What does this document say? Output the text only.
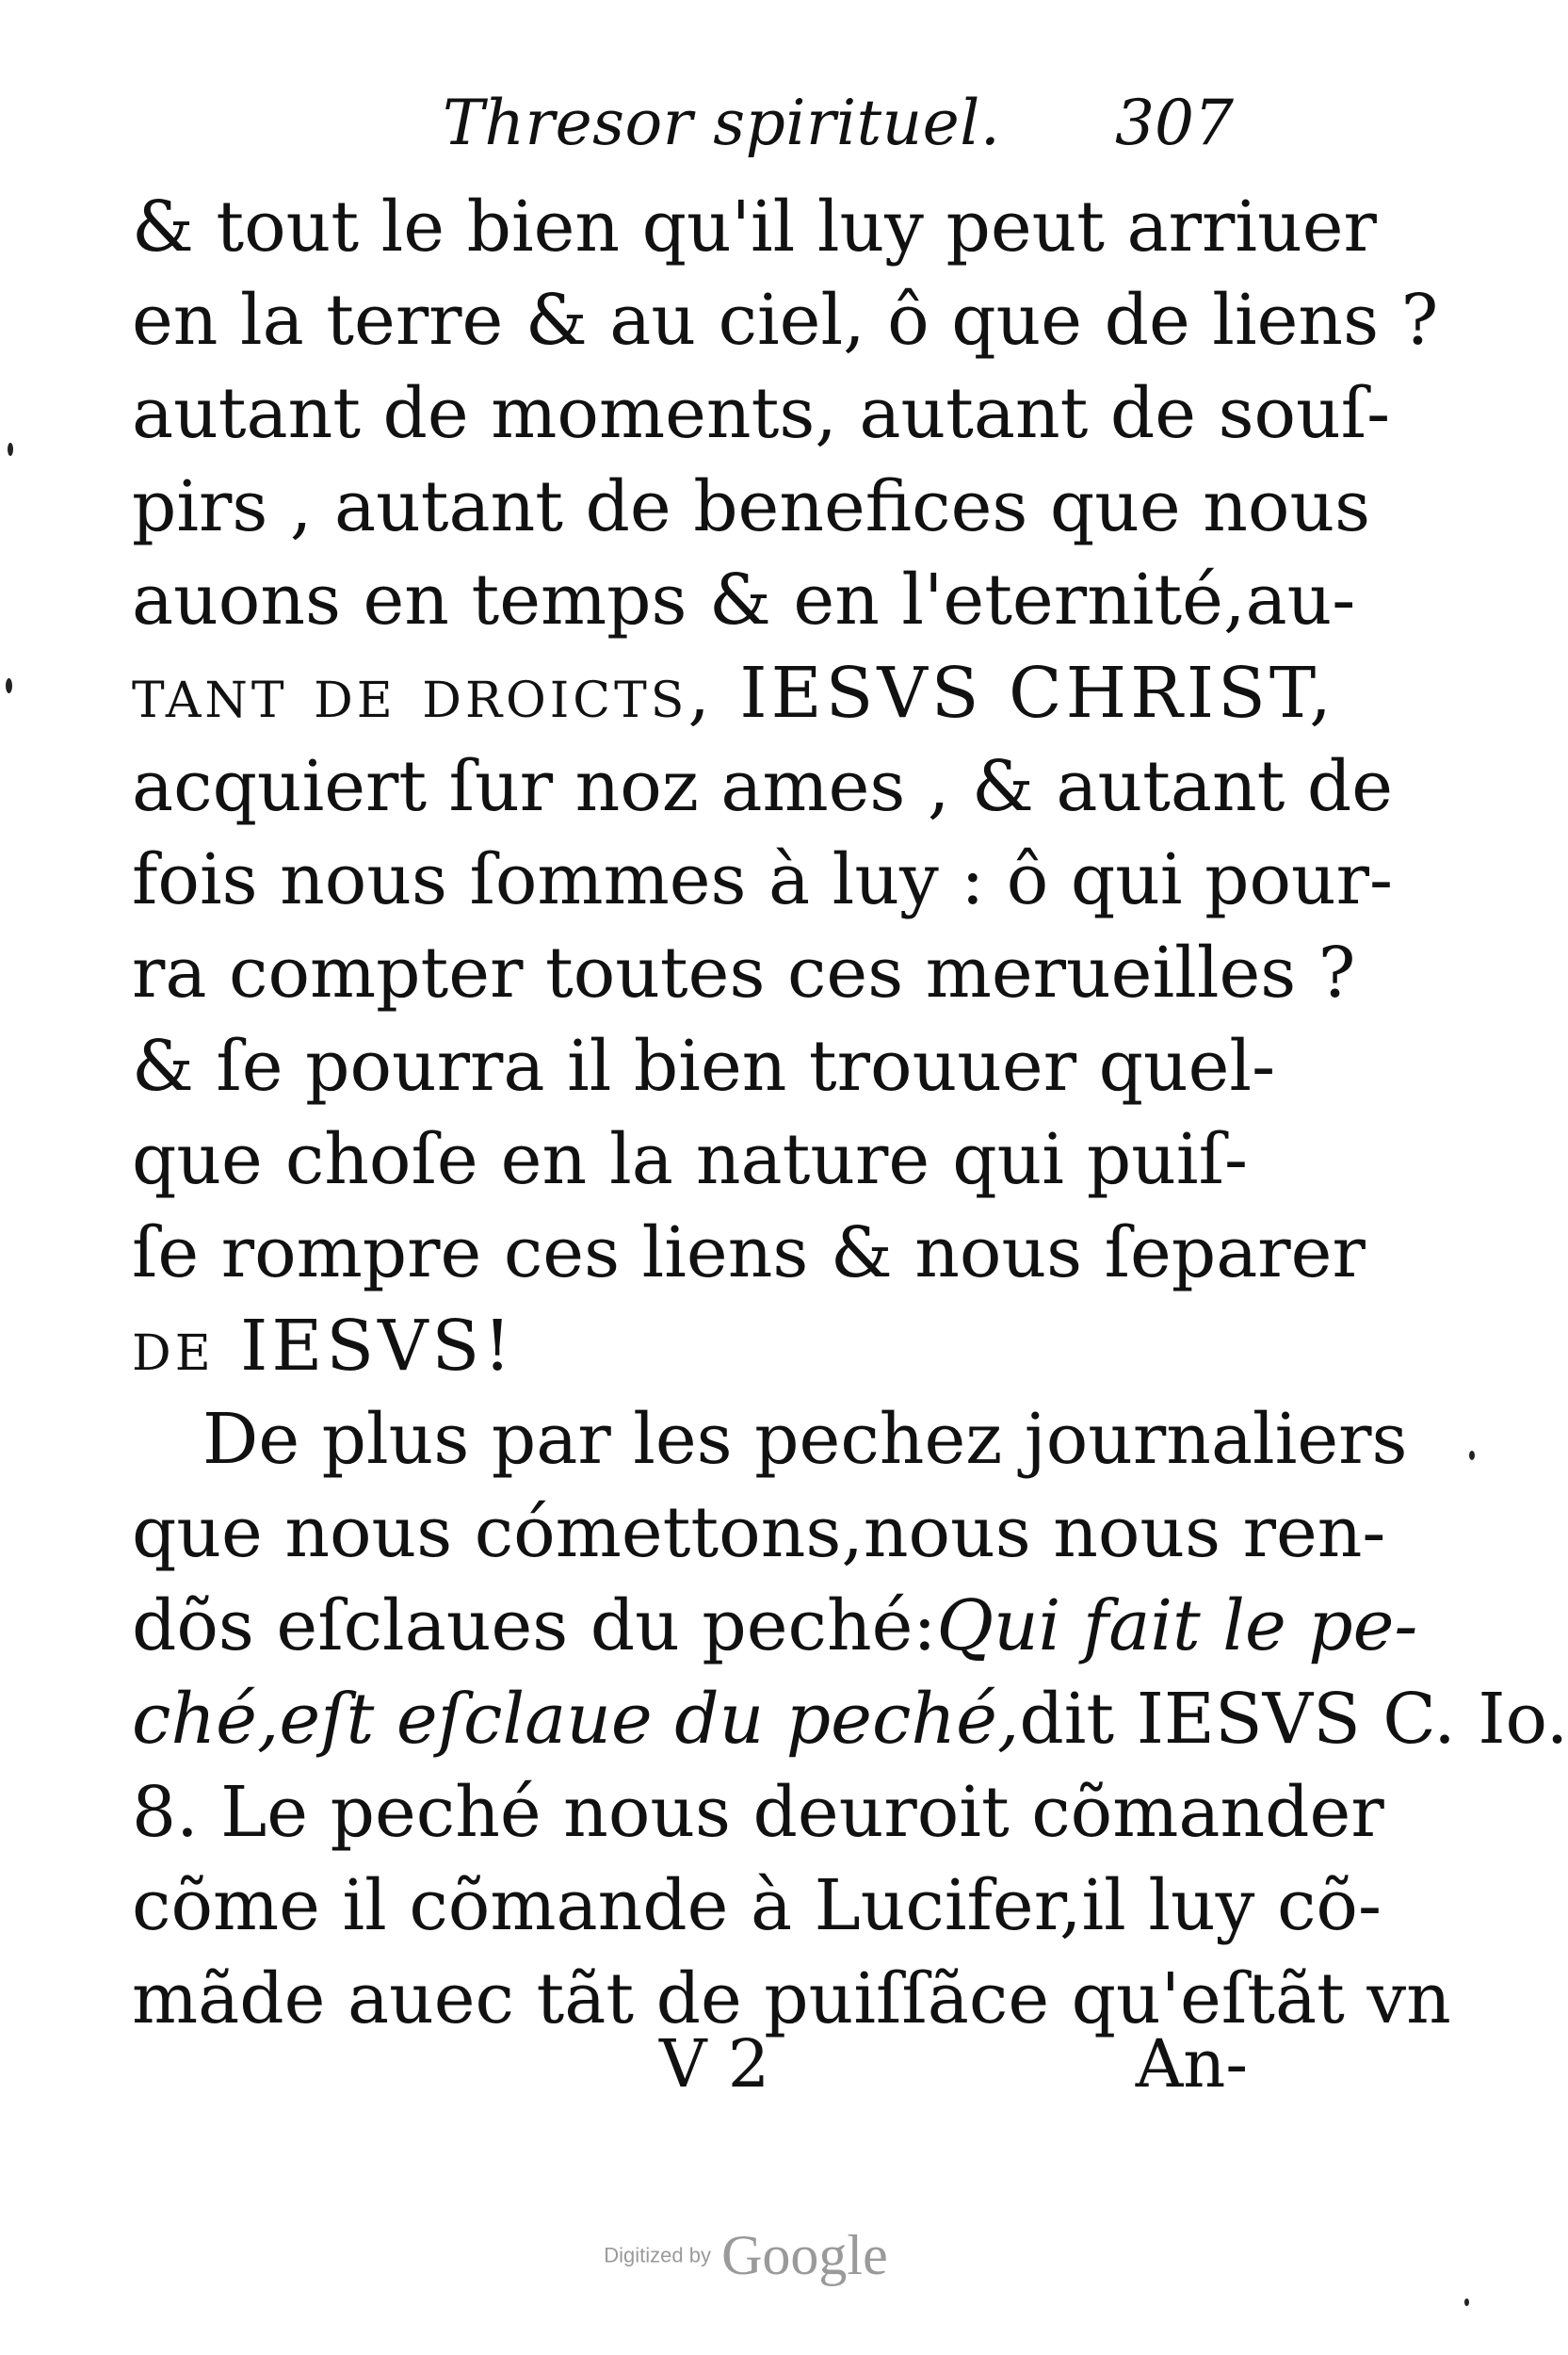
Thresor spirituel. 307
& tout le bien qu'il luy peut arriuer
en la terre & au ciel, ô que de liens ?
autant de moments, autant de souſ-
pirs , autant de benefices que nous
auons en temps & en l'eternité,au-
tant de droicts, IESVS CHRIST,
acquiert ſur noz ames , & autant de
fois nous ſommes à luy : ô qui pour-
ra compter toutes ces merueilles ?
& ſe pourra il bien trouuer quel-
que choſe en la nature qui puiſ-
ſe rompre ces liens & nous ſeparer
de IESVS!
De plus par les pechez journaliers
que nous cómettons,nous nous ren-
dõs eſclaues du peché:Qui fait le pe-
ché,eſt eſclaue du peché,dit IESVS C. Io.
8. Le peché nous deuroit cõmander
cõme il cõmande à Lucifer,il luy cõ-
mãde auec tãt de puiſſãce qu'eſtãt vn
V 2	An-
Digitized by Google
